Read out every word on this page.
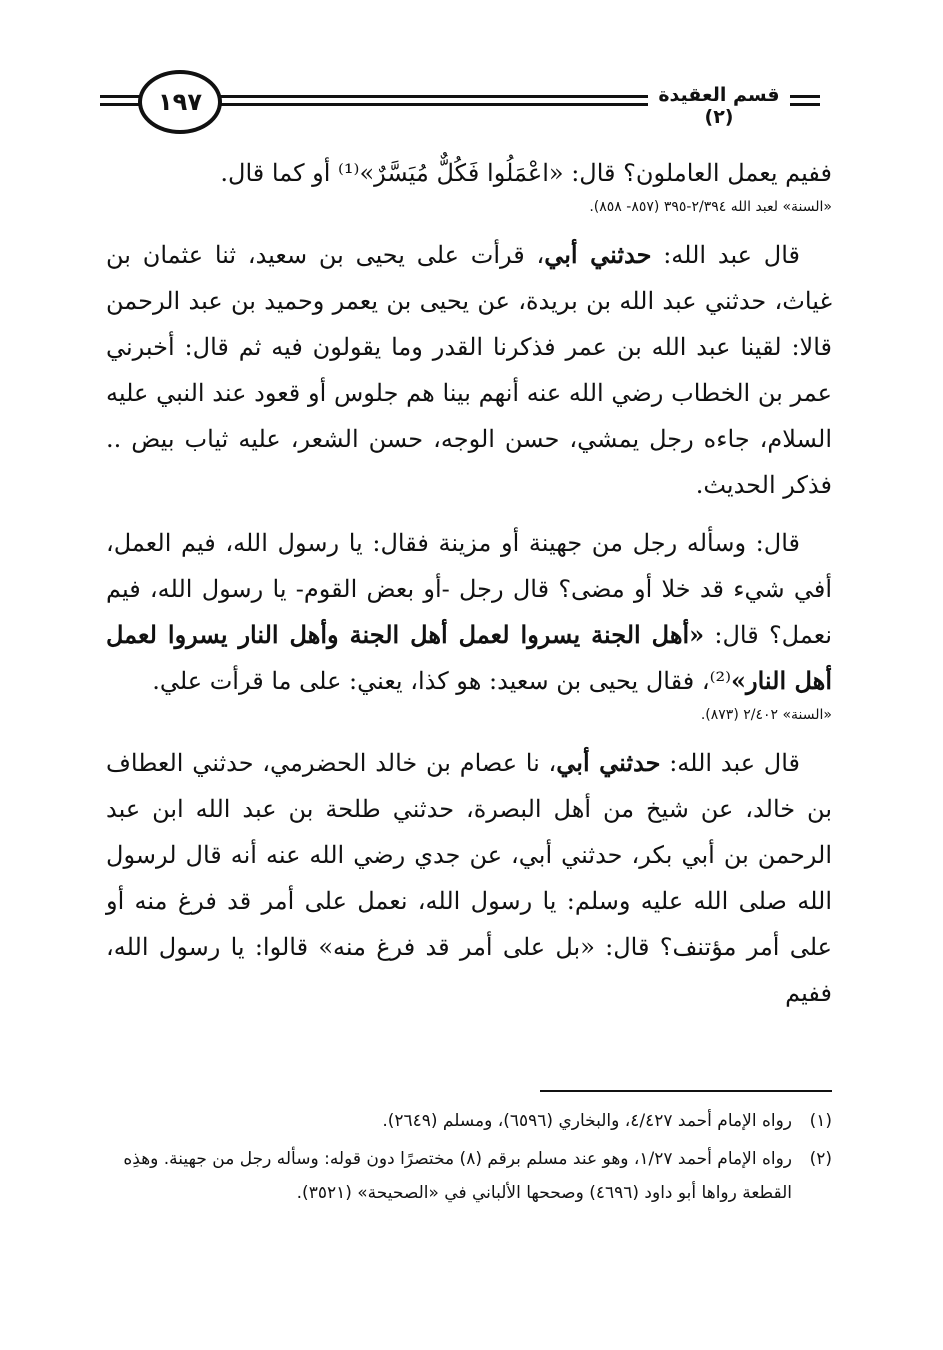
١٩٧	قسم العقيدة (٢)

ففيم يعمل العاملون؟ قال: «اعْمَلُوا فَكُلٌّ مُيَسَّرٌ»⁽¹⁾ أو كما قال.

«السنة» لعبد الله ٢/٣٩٤-٣٩٥ (٨٥٧- ٨٥٨).

قال عبد الله: حدثني أبي، قرأت على يحيى بن سعيد، ثنا عثمان بن غياث، حدثني عبد الله بن بريدة، عن يحيى بن يعمر وحميد بن عبد الرحمن قالا: لقينا عبد الله بن عمر فذكرنا القدر وما يقولون فيه ثم قال: أخبرني عمر بن الخطاب رضي الله عنه أنهم بينا هم جلوس أو قعود عند النبي عليه السلام، جاءه رجل يمشي، حسن الوجه، حسن الشعر، عليه ثياب بيض .. فذكر الحديث.

قال: وسأله رجل من جهينة أو مزينة فقال: يا رسول الله، فيم العمل، أفي شيء قد خلا أو مضى؟ قال رجل -أو بعض القوم- يا رسول الله، فيم نعمل؟ قال: «أهل الجنة يسروا لعمل أهل الجنة وأهل النار يسروا لعمل أهل النار»⁽²⁾، فقال يحيى بن سعيد: هو كذا، يعني: على ما قرأت علي.

«السنة» ٢/٤٠٢ (٨٧٣).

قال عبد الله: حدثني أبي، نا عصام بن خالد الحضرمي، حدثني العطاف بن خالد، عن شيخ من أهل البصرة، حدثني طلحة بن عبد الله ابن عبد الرحمن بن أبي بكر، حدثني أبي، عن جدي رضي الله عنه أنه قال لرسول الله صلى الله عليه وسلم: يا رسول الله، نعمل على أمر قد فرغ منه أو على أمر مؤتنف؟ قال: «بل على أمر قد فرغ منه» قالوا: يا رسول الله، ففيم

(١)
رواه الإمام أحمد ٤/٤٢٧، والبخاري (٦٥٩٦)، ومسلم (٢٦٤٩).

(٢)
رواه الإمام أحمد ١/٢٧، وهو عند مسلم برقم (٨) مختصرًا دون قوله: وسأله رجل من جهينة. وهذِه القطعة رواها أبو داود (٤٦٩٦) وصححها الألباني في «الصحيحة» (٣٥٢١).
